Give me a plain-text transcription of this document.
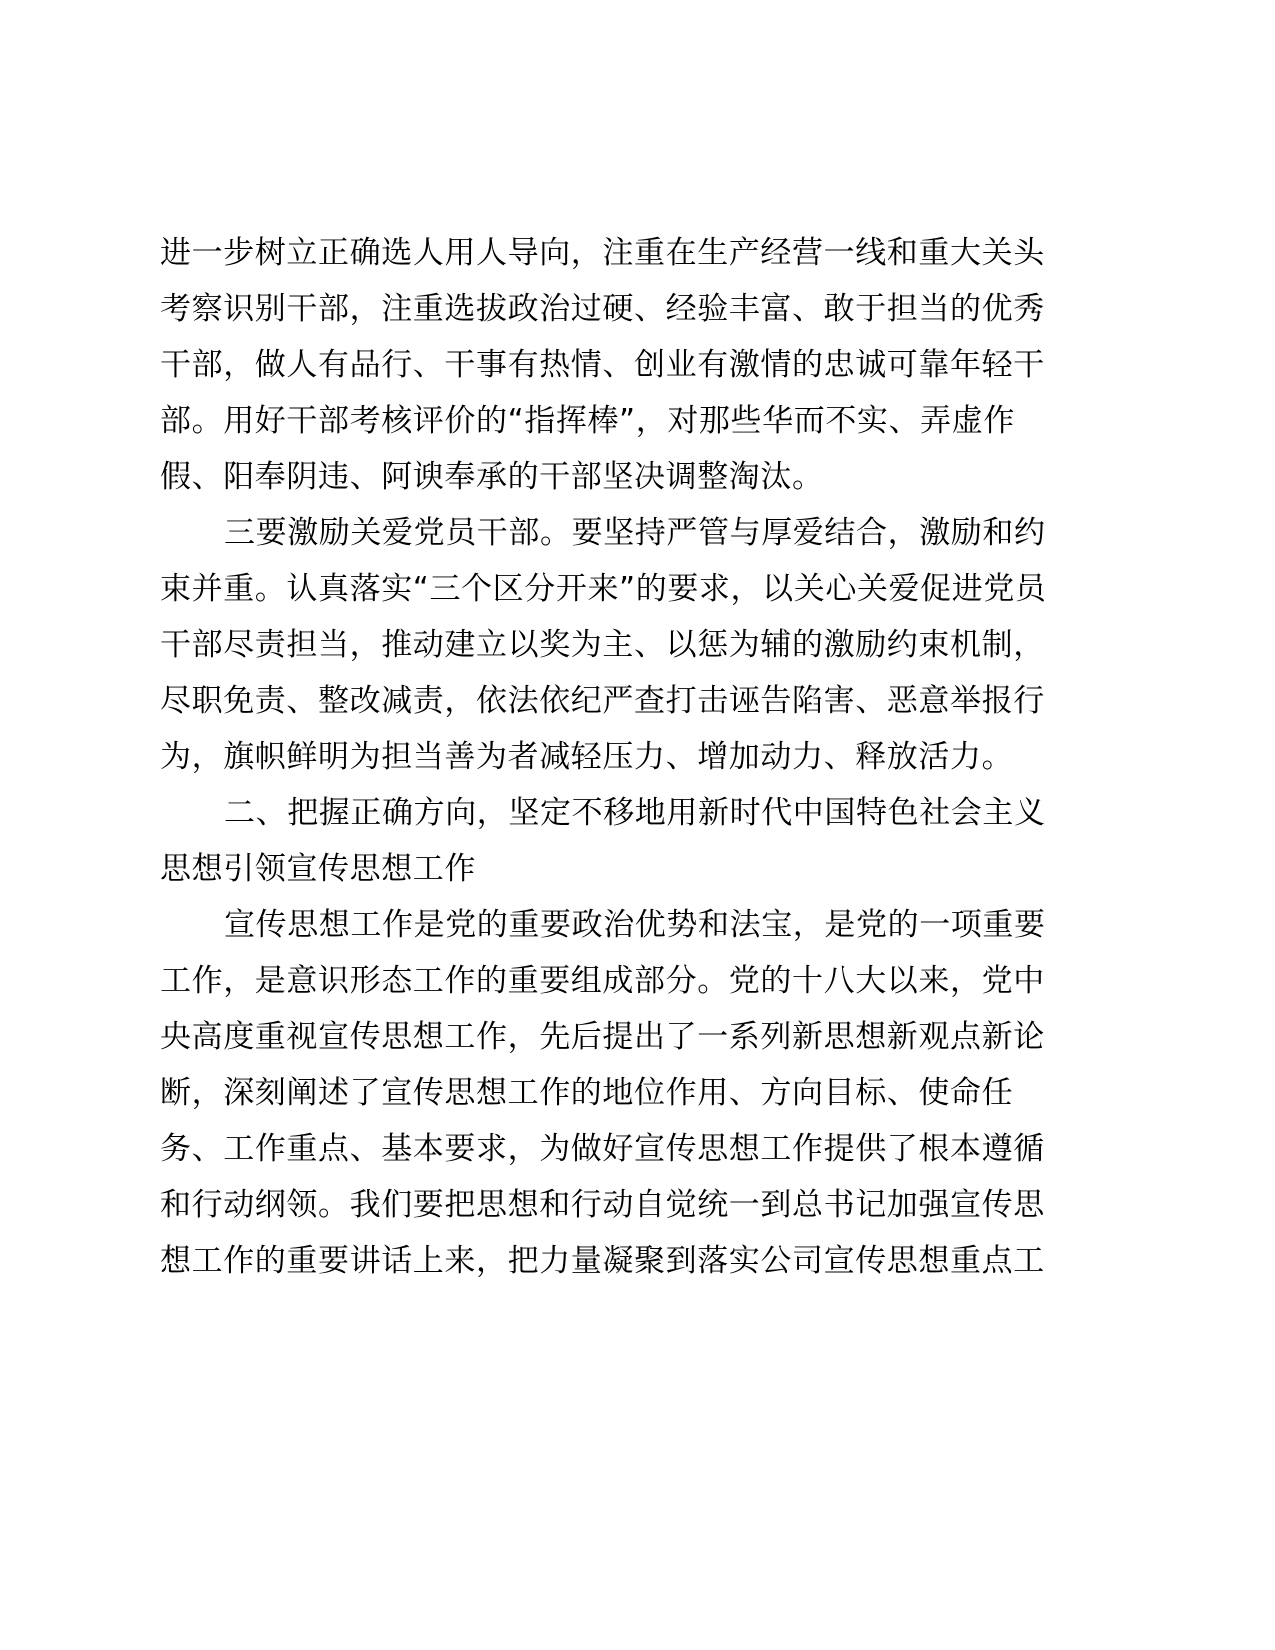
进一步树立正确选人用人导向，注重在生产经营一线和重大关头
考察识别干部，注重选拔政治过硬、经验丰富、敢于担当的优秀
干部，做人有品行、干事有热情、创业有激情的忠诚可靠年轻干
部。用好干部考核评价的“指挥棒”，对那些华而不实、弄虚作
假、阳奉阴违、阿谀奉承的干部坚决调整淘汰。

三要激励关爱党员干部。要坚持严管与厚爱结合，激励和约
束并重。认真落实“三个区分开来”的要求，以关心关爱促进党员
干部尽责担当，推动建立以奖为主、以惩为辅的激励约束机制，
尽职免责、整改减责，依法依纪严查打击诬告陷害、恶意举报行
为，旗帜鲜明为担当善为者减轻压力、增加动力、释放活力。

二、把握正确方向，坚定不移地用新时代中国特色社会主义
思想引领宣传思想工作

宣传思想工作是党的重要政治优势和法宝，是党的一项重要
工作，是意识形态工作的重要组成部分。党的十八大以来，党中
央高度重视宣传思想工作，先后提出了一系列新思想新观点新论
断，深刻阐述了宣传思想工作的地位作用、方向目标、使命任
务、工作重点、基本要求，为做好宣传思想工作提供了根本遵循
和行动纲领。我们要把思想和行动自觉统一到总书记加强宣传思
想工作的重要讲话上来，把力量凝聚到落实公司宣传思想重点工
